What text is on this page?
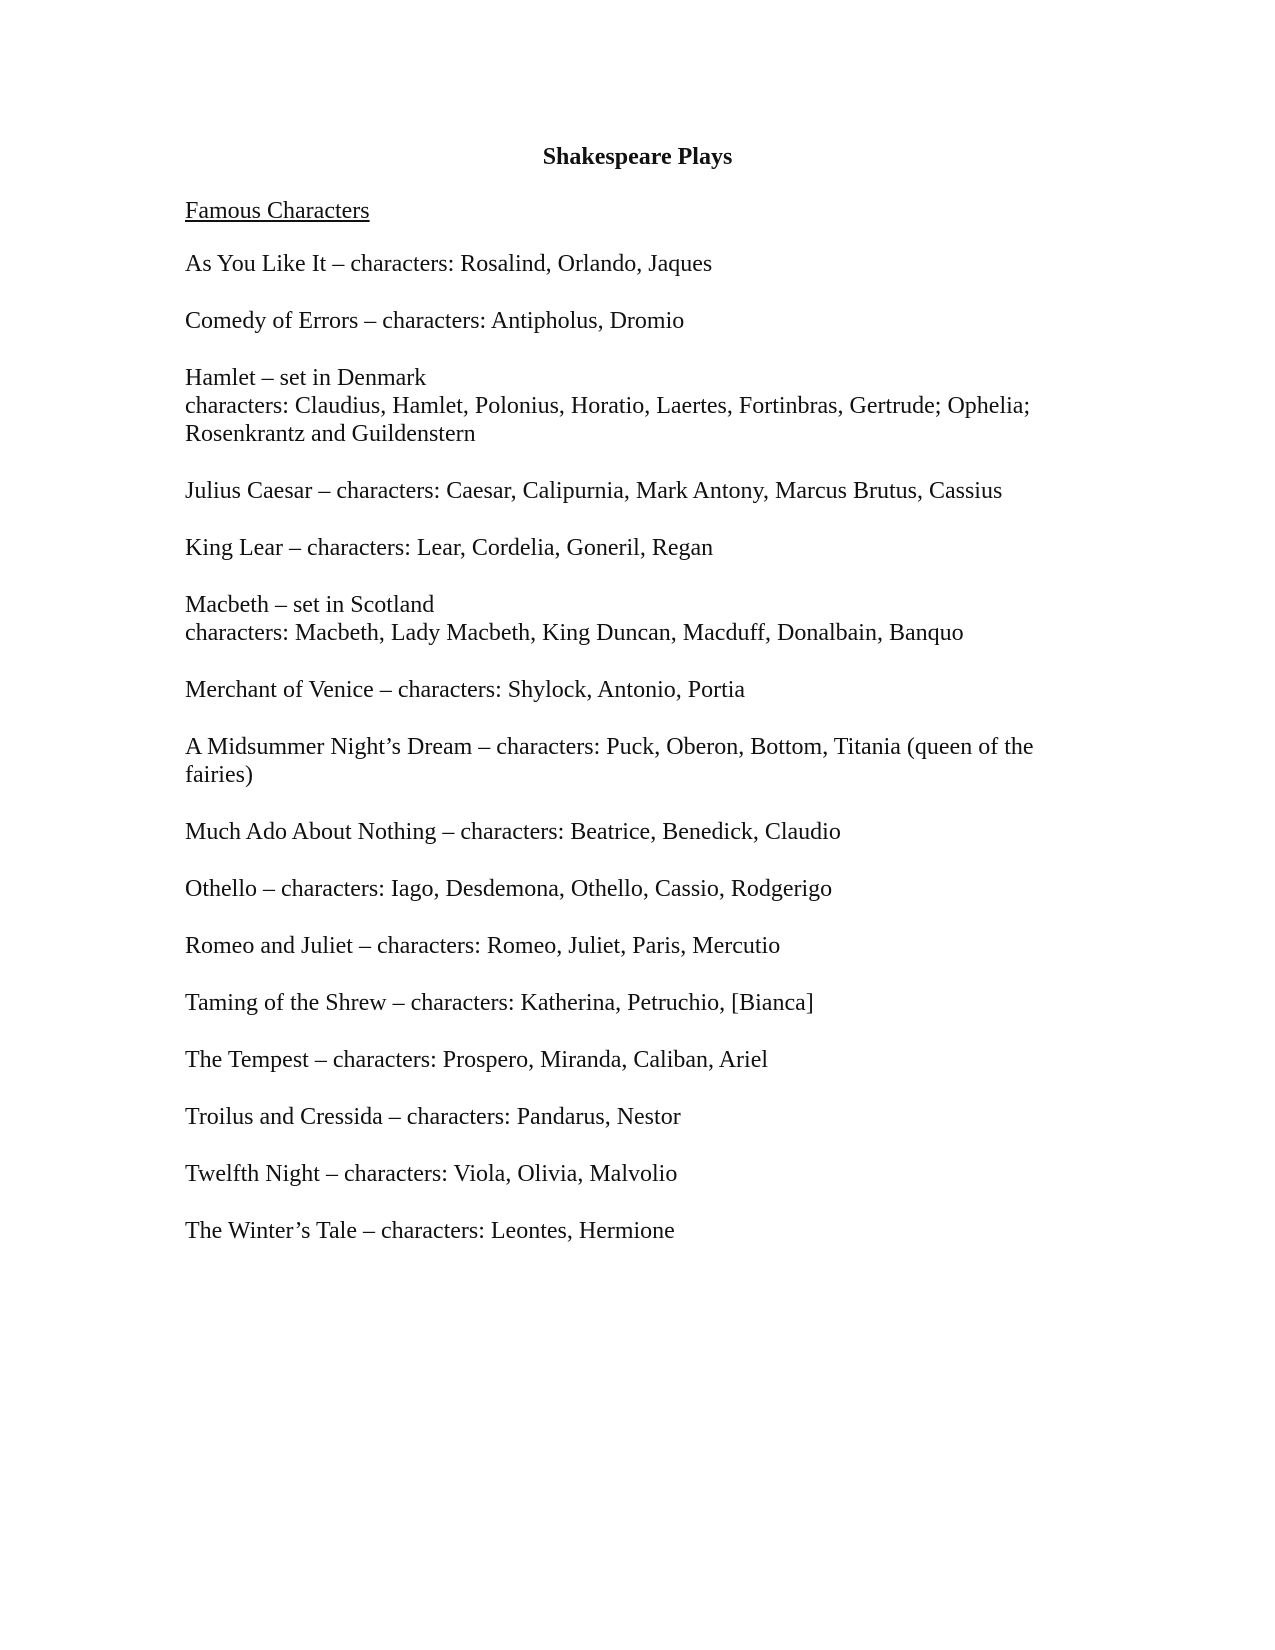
Shakespeare Plays
Famous Characters
As You Like It – characters: Rosalind, Orlando, Jaques
Comedy of Errors – characters: Antipholus, Dromio
Hamlet – set in Denmark
characters: Claudius, Hamlet, Polonius, Horatio, Laertes, Fortinbras, Gertrude; Ophelia;
Rosenkrantz and Guildenstern
Julius Caesar – characters: Caesar, Calipurnia, Mark Antony, Marcus Brutus, Cassius
King Lear – characters: Lear, Cordelia, Goneril, Regan
Macbeth – set in Scotland
characters: Macbeth, Lady Macbeth, King Duncan, Macduff, Donalbain, Banquo
Merchant of Venice – characters: Shylock, Antonio, Portia
A Midsummer Night’s Dream – characters: Puck, Oberon, Bottom, Titania (queen of the
fairies)
Much Ado About Nothing – characters: Beatrice, Benedick, Claudio
Othello – characters: Iago, Desdemona, Othello, Cassio, Rodgerigo
Romeo and Juliet – characters: Romeo, Juliet, Paris, Mercutio
Taming of the Shrew – characters: Katherina, Petruchio, [Bianca]
The Tempest – characters: Prospero, Miranda, Caliban, Ariel
Troilus and Cressida – characters: Pandarus, Nestor
Twelfth Night – characters: Viola, Olivia, Malvolio
The Winter’s Tale – characters: Leontes, Hermione
